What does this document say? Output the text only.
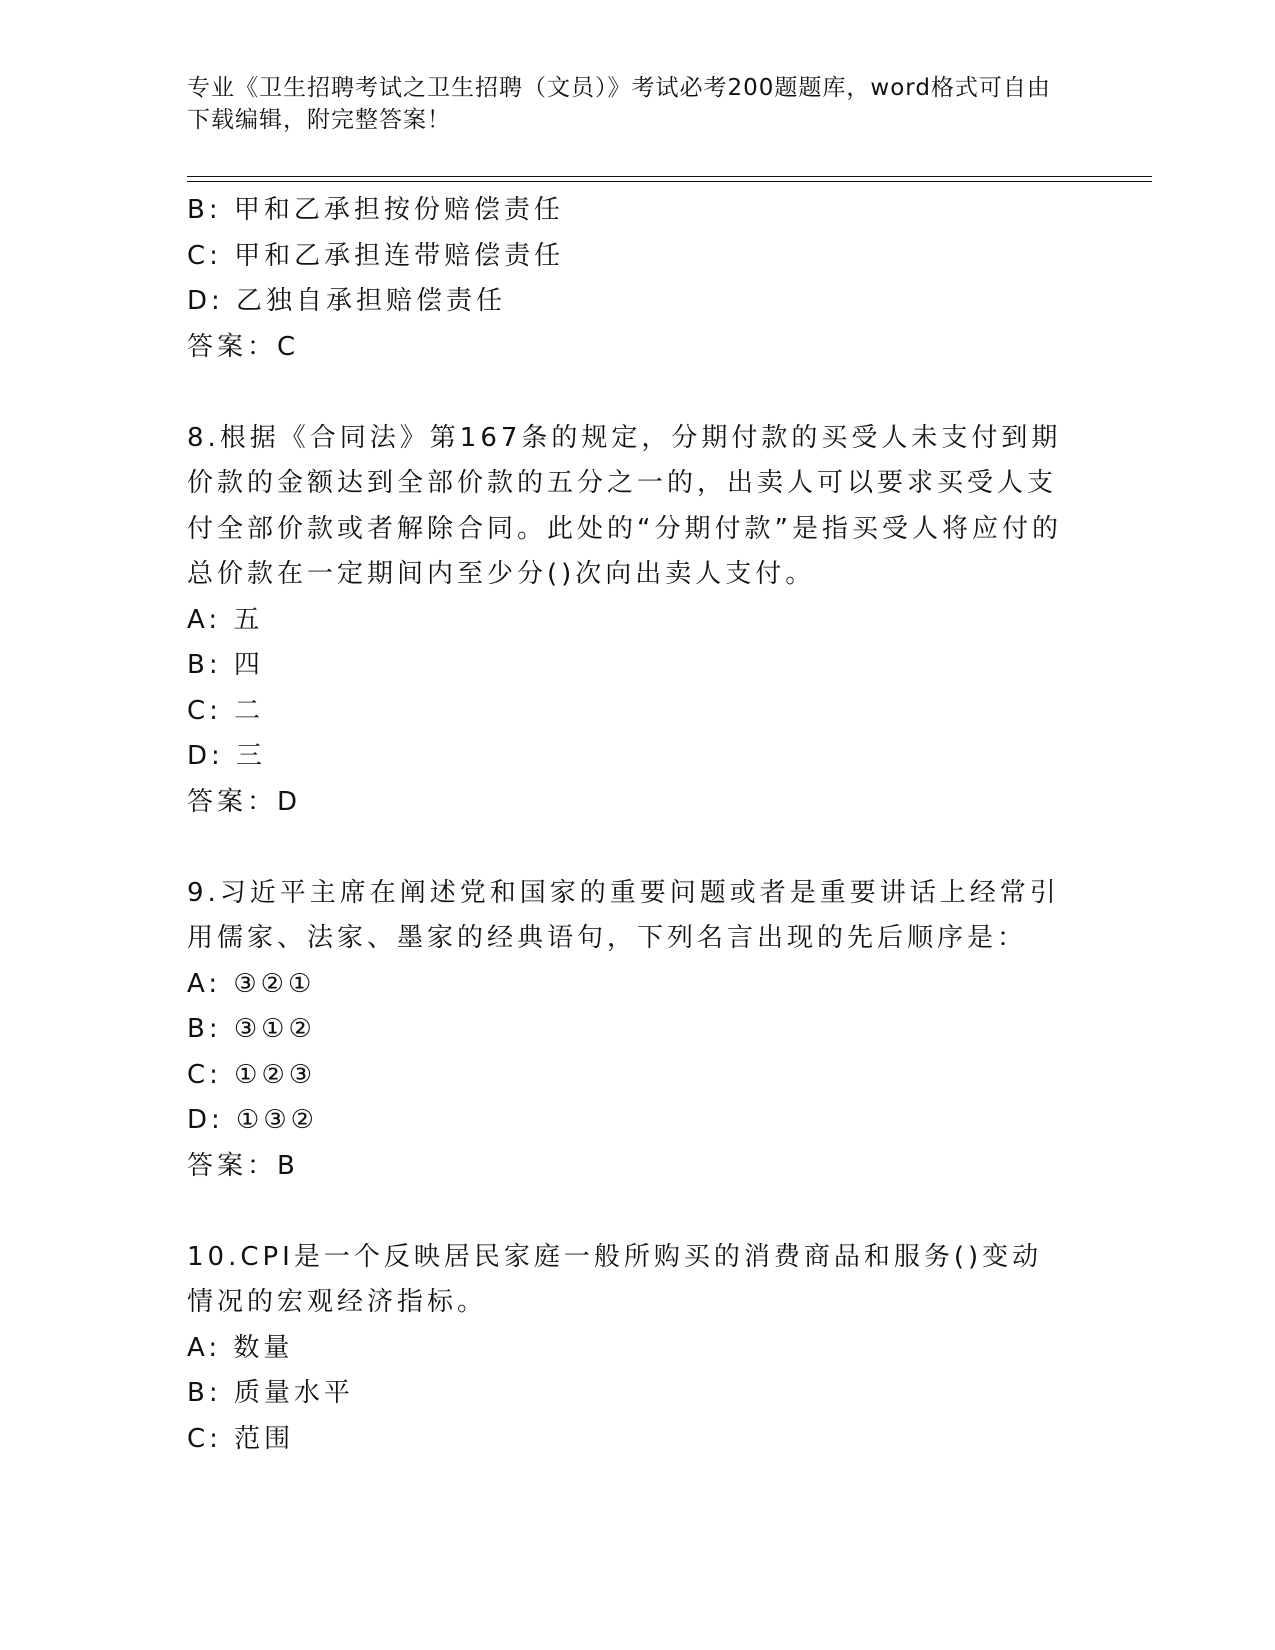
专业《卫生招聘考试之卫生招聘（文员）》考试必考200题题库，word格式可自由下载编辑，附完整答案！

B: 甲和乙承担按份赔偿责任

C: 甲和乙承担连带赔偿责任

D: 乙独自承担赔偿责任

答案：C

8.根据《合同法》第167条的规定，分期付款的买受人未支付到期价款的金额达到全部价款的五分之一的，出卖人可以要求买受人支付全部价款或者解除合同。此处的“分期付款”是指买受人将应付的总价款在一定期间内至少分()次向出卖人支付。

A: 五

B: 四

C: 二

D: 三

答案：D

9.习近平主席在阐述党和国家的重要问题或者是重要讲话上经常引用儒家、法家、墨家的经典语句，下列名言出现的先后顺序是：

A: ③②①

B: ③①②

C: ①②③

D: ①③②

答案：B

10.CPI是一个反映居民家庭一般所购买的消费商品和服务()变动情况的宏观经济指标。

A: 数量

B: 质量水平

C: 范围
